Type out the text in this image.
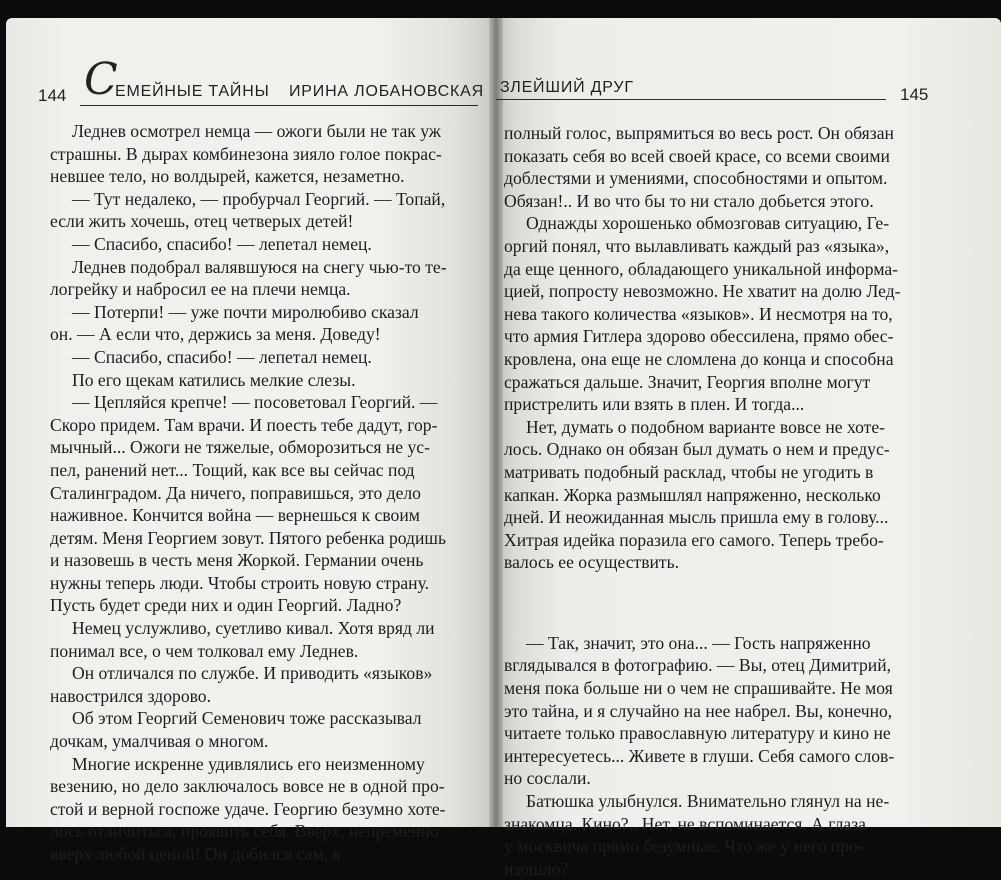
144 С
ЕМЕЙНЫЕ ТАЙНЫ ИРИНА ЛОБАНОВСКАЯ ЗЛЕЙШИЙ ДРУГ	145

Леднев осмотрел немца — ожоги были не так уж

страшны. В дырах комбинезона зияло голое покрас-

невшее тело, но волдырей, кажется, незаметно.

— Тут недалеко, — пробурчал Георгий. — Топай,

если жить хочешь, отец четверых детей!

— Спасибо, спасибо! — лепетал немец.

Леднев подобрал валявшуюся на снегу чью-то те-

логрейку и набросил ее на плечи немца.

— Потерпи! — уже почти миролюбиво сказал

он. — А если что, держись за меня. Доведу!

— Спасибо, спасибо! — лепетал немец.

По его щекам катились мелкие слезы.

— Цепляйся крепче! — посоветовал Георгий. —

Скоро придем. Там врачи. И поесть тебе дадут, гор-

мычный... Ожоги не тяжелые, обморозиться не ус-

пел, ранений нет... Тощий, как все вы сейчас под

Сталинградом. Да ничего, поправишься, это дело

наживное. Кончится война — вернешься к своим

детям. Меня Георгием зовут. Пятого ребенка родишь

и назовешь в честь меня Жоркой. Германии очень

нужны теперь люди. Чтобы строить новую страну.

Пусть будет среди них и один Георгий. Ладно?

Немец услужливо, суетливо кивал. Хотя вряд ли

понимал все, о чем толковал ему Леднев.

Он отличался по службе. И приводить «языков»

навострился здорово.

Об этом Георгий Семенович тоже рассказывал

дочкам, умалчивая о многом.

Многие искренне удивлялись его неизменному

везению, но дело заключалось вовсе не в одной про-

стой и верной госпоже удаче. Георгию безумно хоте-

лось отличиться, проявить себя. Вверх, непременно

вверх любой ценой! Он добился сам, в

полный голос, выпрямиться во весь рост. Он обязан

показать себя во всей своей красе, со всеми своими

доблестями и умениями, способностями и опытом.

Обязан!.. И во что бы то ни стало добьется этого.

Однажды хорошенько обмозговав ситуацию, Ге-

оргий понял, что вылавливать каждый раз «языка»,

да еще ценного, обладающего уникальной информа-

цией, попросту невозможно. Не хватит на долю Лед-

нева такого количества «языков». И несмотря на то,

что армия Гитлера здорово обессилена, прямо обес-

кровлена, она еще не сломлена до конца и способна

сражаться дальше. Значит, Георгия вполне могут

пристрелить или взять в плен. И тогда...

Нет, думать о подобном варианте вовсе не хоте-

лось. Однако он обязан был думать о нем и предус-

матривать подобный расклад, чтобы не угодить в

капкан. Жорка размышлял напряженно, несколько

дней. И неожиданная мысль пришла ему в голову...

Хитрая идейка поразила его самого. Теперь требо-

валось ее осуществить.

— Так, значит, это она... — Гость напряженно

вглядывался в фотографию. — Вы, отец Димитрий,

меня пока больше ни о чем не спрашивайте. Не моя

это тайна, и я случайно на нее набрел. Вы, конечно,

читаете только православную литературу и кино не

интересуетесь... Живете в глуши. Себя самого слов-

но сослали.

Батюшка улыбнулся. Внимательно глянул на не-

знакомца. Кино?.. Нет, не вспоминается. А глаза

у москвича прямо безумные. Что же у него про-

изошло?
